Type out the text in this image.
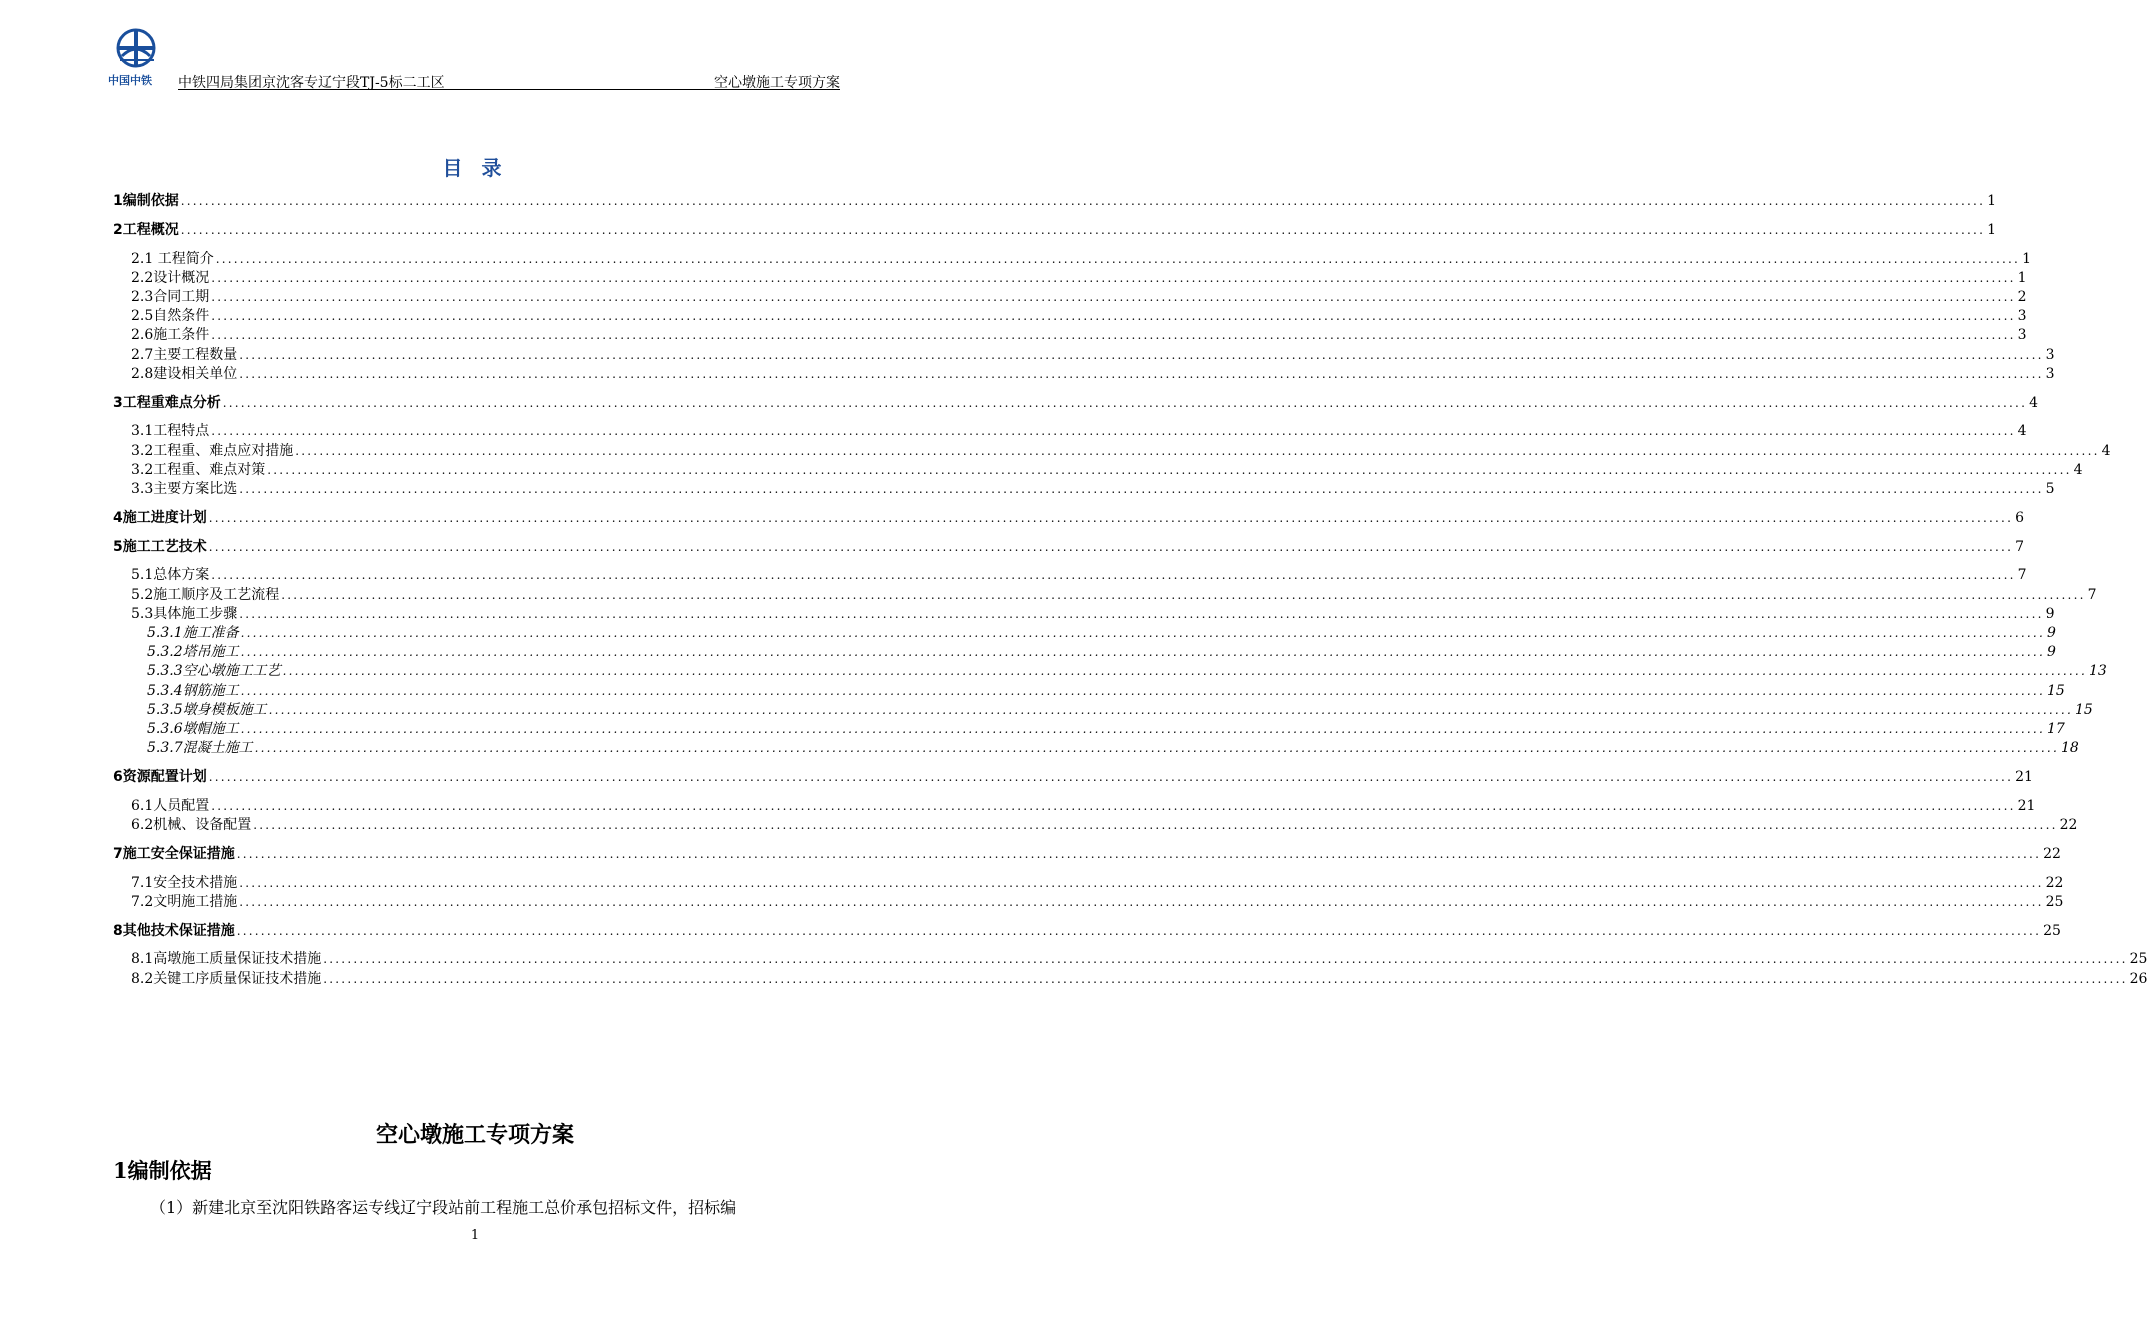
中国中铁 中铁四局集团京沈客专辽宁段TJ-5标二工区	空心墩施工专项方案
目 录
1编制依据 ............................................................................................................................................................................................................................................................................................................ 1
2工程概况 ............................................................................................................................................................................................................................................................................................................ 1
2.1 工程简介 ............................................................................................................................................................................................................................................................................................................ 1
2.2设计概况 ............................................................................................................................................................................................................................................................................................................ 1
2.3合同工期 ............................................................................................................................................................................................................................................................................................................ 2
2.5自然条件 ............................................................................................................................................................................................................................................................................................................ 3
2.6施工条件 ............................................................................................................................................................................................................................................................................................................ 3
2.7主要工程数量 ............................................................................................................................................................................................................................................................................................................ 3
2.8建设相关单位 ............................................................................................................................................................................................................................................................................................................ 3
3工程重难点分析 ............................................................................................................................................................................................................................................................................................................ 4
3.1工程特点 ............................................................................................................................................................................................................................................................................................................ 4
3.2工程重、难点应对措施 ............................................................................................................................................................................................................................................................................................................ 4
3.2工程重、难点对策 ............................................................................................................................................................................................................................................................................................................ 4
3.3主要方案比选 ............................................................................................................................................................................................................................................................................................................ 5
4施工进度计划 ............................................................................................................................................................................................................................................................................................................ 6
5施工工艺技术 ............................................................................................................................................................................................................................................................................................................ 7
5.1总体方案 ............................................................................................................................................................................................................................................................................................................ 7
5.2施工顺序及工艺流程 ............................................................................................................................................................................................................................................................................................................ 7
5.3具体施工步骤 ............................................................................................................................................................................................................................................................................................................ 9
5.3.1施工准备 ............................................................................................................................................................................................................................................................................................................ 9
5.3.2塔吊施工 ............................................................................................................................................................................................................................................................................................................ 9
5.3.3空心墩施工工艺 ............................................................................................................................................................................................................................................................................................................ 13
5.3.4钢筋施工 ............................................................................................................................................................................................................................................................................................................ 15
5.3.5墩身模板施工 ............................................................................................................................................................................................................................................................................................................ 15
5.3.6墩帽施工 ............................................................................................................................................................................................................................................................................................................ 17
5.3.7混凝土施工 ............................................................................................................................................................................................................................................................................................................ 18
6资源配置计划 ............................................................................................................................................................................................................................................................................................................ 21
6.1人员配置 ............................................................................................................................................................................................................................................................................................................ 21
6.2机械、设备配置 ............................................................................................................................................................................................................................................................................................................ 22
7施工安全保证措施 ............................................................................................................................................................................................................................................................................................................ 22
7.1安全技术措施 ............................................................................................................................................................................................................................................................................................................ 22
7.2文明施工措施 ............................................................................................................................................................................................................................................................................................................ 25
8其他技术保证措施 ............................................................................................................................................................................................................................................................................................................ 25
8.1高墩施工质量保证技术措施 ............................................................................................................................................................................................................................................................................................................ 25
8.2关键工序质量保证技术措施 ............................................................................................................................................................................................................................................................................................................ 26
空心墩施工专项方案
1编制依据
（1）新建北京至沈阳铁路客运专线辽宁段站前工程施工总价承包招标文件，招标编
1
